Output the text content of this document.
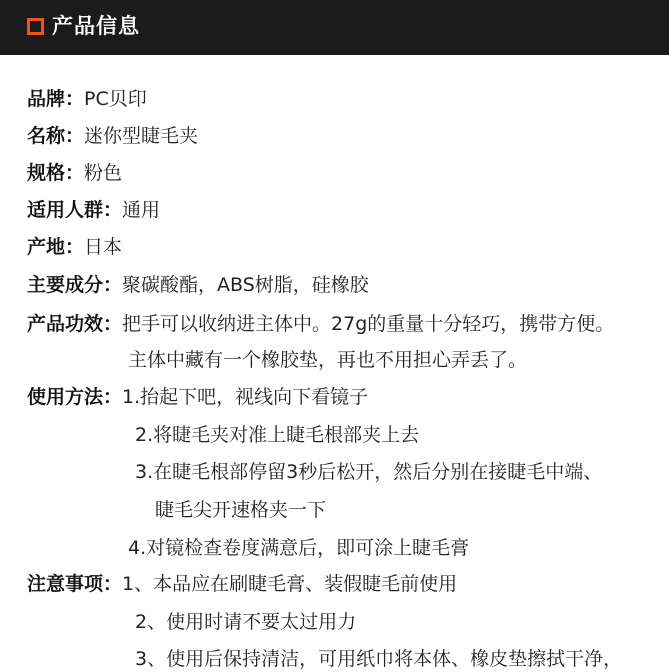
产品信息
品牌：PC贝印
名称：迷你型睫毛夹
规格：粉色
适用人群：通用
产地：日本
主要成分：聚碳酸酯，ABS树脂，硅橡胶
产品功效：把手可以收纳进主体中。27g的重量十分轻巧，携带方便。
主体中藏有一个橡胶垫，再也不用担心弄丢了。
使用方法：1.抬起下吧，视线向下看镜子
2.将睫毛夹对准上睫毛根部夹上去
3.在睫毛根部停留3秒后松开，然后分别在接睫毛中端、
睫毛尖开速格夹一下
4.对镜检查卷度满意后，即可涂上睫毛膏
注意事项：1、本品应在刷睫毛膏、装假睫毛前使用
2、使用时请不要太过用力
3、使用后保持清洁，可用纸巾将本体、橡皮垫擦拭干净，
